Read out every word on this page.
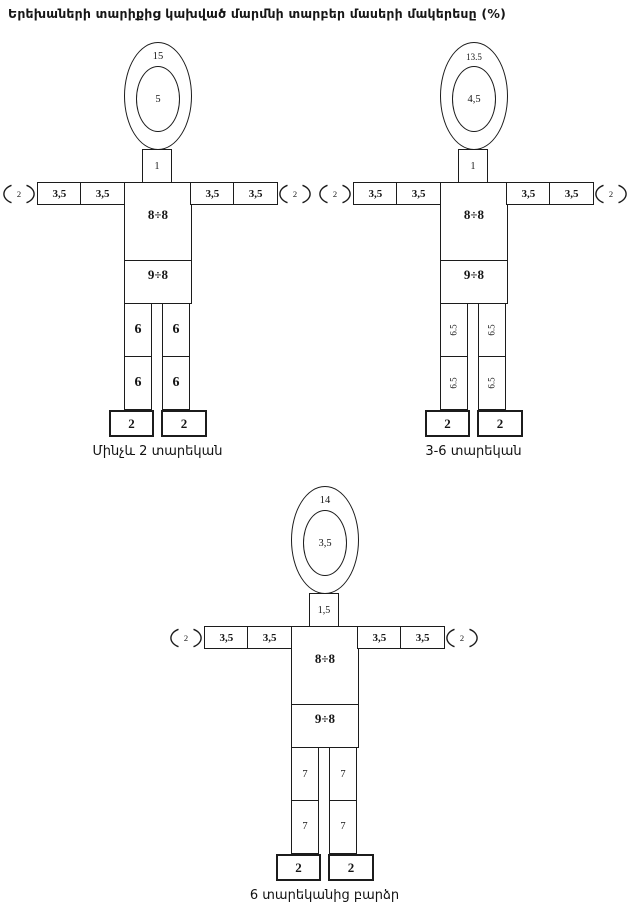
Երեխաների տարիքից կախված մարմնի տարբեր մասերի մակերեսը (%)
15
5
1
2	3,5	3,5
8÷8
9÷8
3,5	3,5	2
6
6
6
6
2	2
Մինչև 2 տարեկան
13.5
4,5
1
2	3,5	3,5
8÷8
9÷8
3,5	3,5	2
6.5
6.5
6.5
6.5
2	2
3-6 տարեկան
14
3,5
1,5
2	3,5	3,5
8÷8
9÷8
3,5	3,5	2
7
7
7
7
2	2
6 տարեկանից բարձր
